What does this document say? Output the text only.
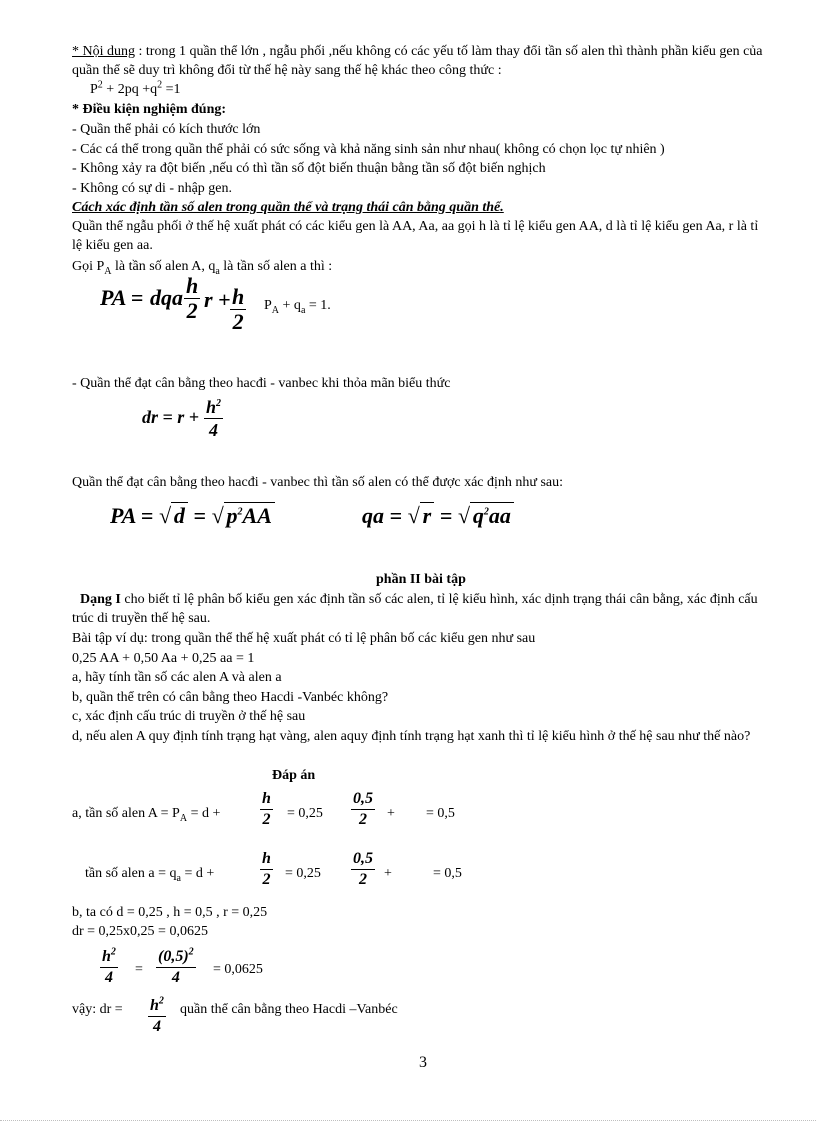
* Nội dung : trong 1 quần thể lớn , ngẫu phối ,nếu không có các yếu tố làm thay đổi tần số alen thì thành phần kiểu gen của quần thể sẽ duy trì không đổi từ thế hệ này sang thế hệ khác theo công thức :
$P^2 + 2pq +q^2 =1$
* Điều kiện nghiệm đúng:
- Quần thể phải có kích thước lớn
- Các cá thể trong quần thể phải có sức sống và khả năng sinh sản như nhau( không có chọn lọc tự nhiên )
- Không xảy ra đột biến ,nếu có thì tần số đột biến thuận bằng tần số đột biến nghịch
- Không có sự di - nhập gen.
Cách xác định tần số alen trong quần thể và trạng thái cân bằng quần thể.
Quần thể ngẫu phối ở thế hệ xuất phát có các kiểu gen là AA, Aa, aa gọi h là tỉ lệ kiểu gen AA, d là tỉ lệ kiểu gen Aa, r là tỉ lệ kiểu gen aa.
Gọi $P_A$ là tần số alen A, $q_a$ là tần số alen a thì :
PA = dqa h
2 r + h
2
$P_A + q_a = 1$.
- Quần thể đạt cân bằng theo hacđi - vanbec khi thỏa mãn biểu thức
dr = $r + h^2$
4
Quần thể đạt cân bằng theo hacđi - vanbec thì tần số alen có thể được xác định như sau:
PA = √ d = √ $p^2AA$	qa = √ r = √ $q^2aa$
phần II bài tập
Dạng I cho biết tỉ lệ phân bố kiểu gen xác định tần số các alen, tỉ lệ kiểu hình, xác dịnh trạng thái cân bằng, xác định cấu trúc di truyền thế hệ sau.
Bài tập ví dụ: trong quần thể thế hệ xuất phát có tỉ lệ phân bố các kiểu gen như sau
0,25 AA + 0,50 Aa + 0,25 aa = 1
a, hãy tính tần số các alen A và alen a
b, quần thể trên có cân bằng theo Hacdi -Vanbéc không?
c, xác định cấu trúc di truyền ở thế hệ sau
d, nếu alen A quy định tính trạng hạt vàng, alen aquy định tính trạng hạt xanh thì tỉ lệ kiểu hình ở thế hệ sau như thế nào?
Đáp án
a, tần số alen $A = P_A = d$ +
h
2 = 0,25
0,5
2	+ = 0,5
tần số alen $a = q_a = d$ +
h
2 = 0,25
0,5
2	+	= 0,5
b, ta có d = 0,25 , h = 0,5 , r = 0,25
dr = 0,25x0,25 = 0,0625
$h^2$
4	=
$(0,5)^2$
4	= 0,0625
vậy: dr = $h^2$
4
quần thể cân bằng theo Hacdi –Vanbéc
3
